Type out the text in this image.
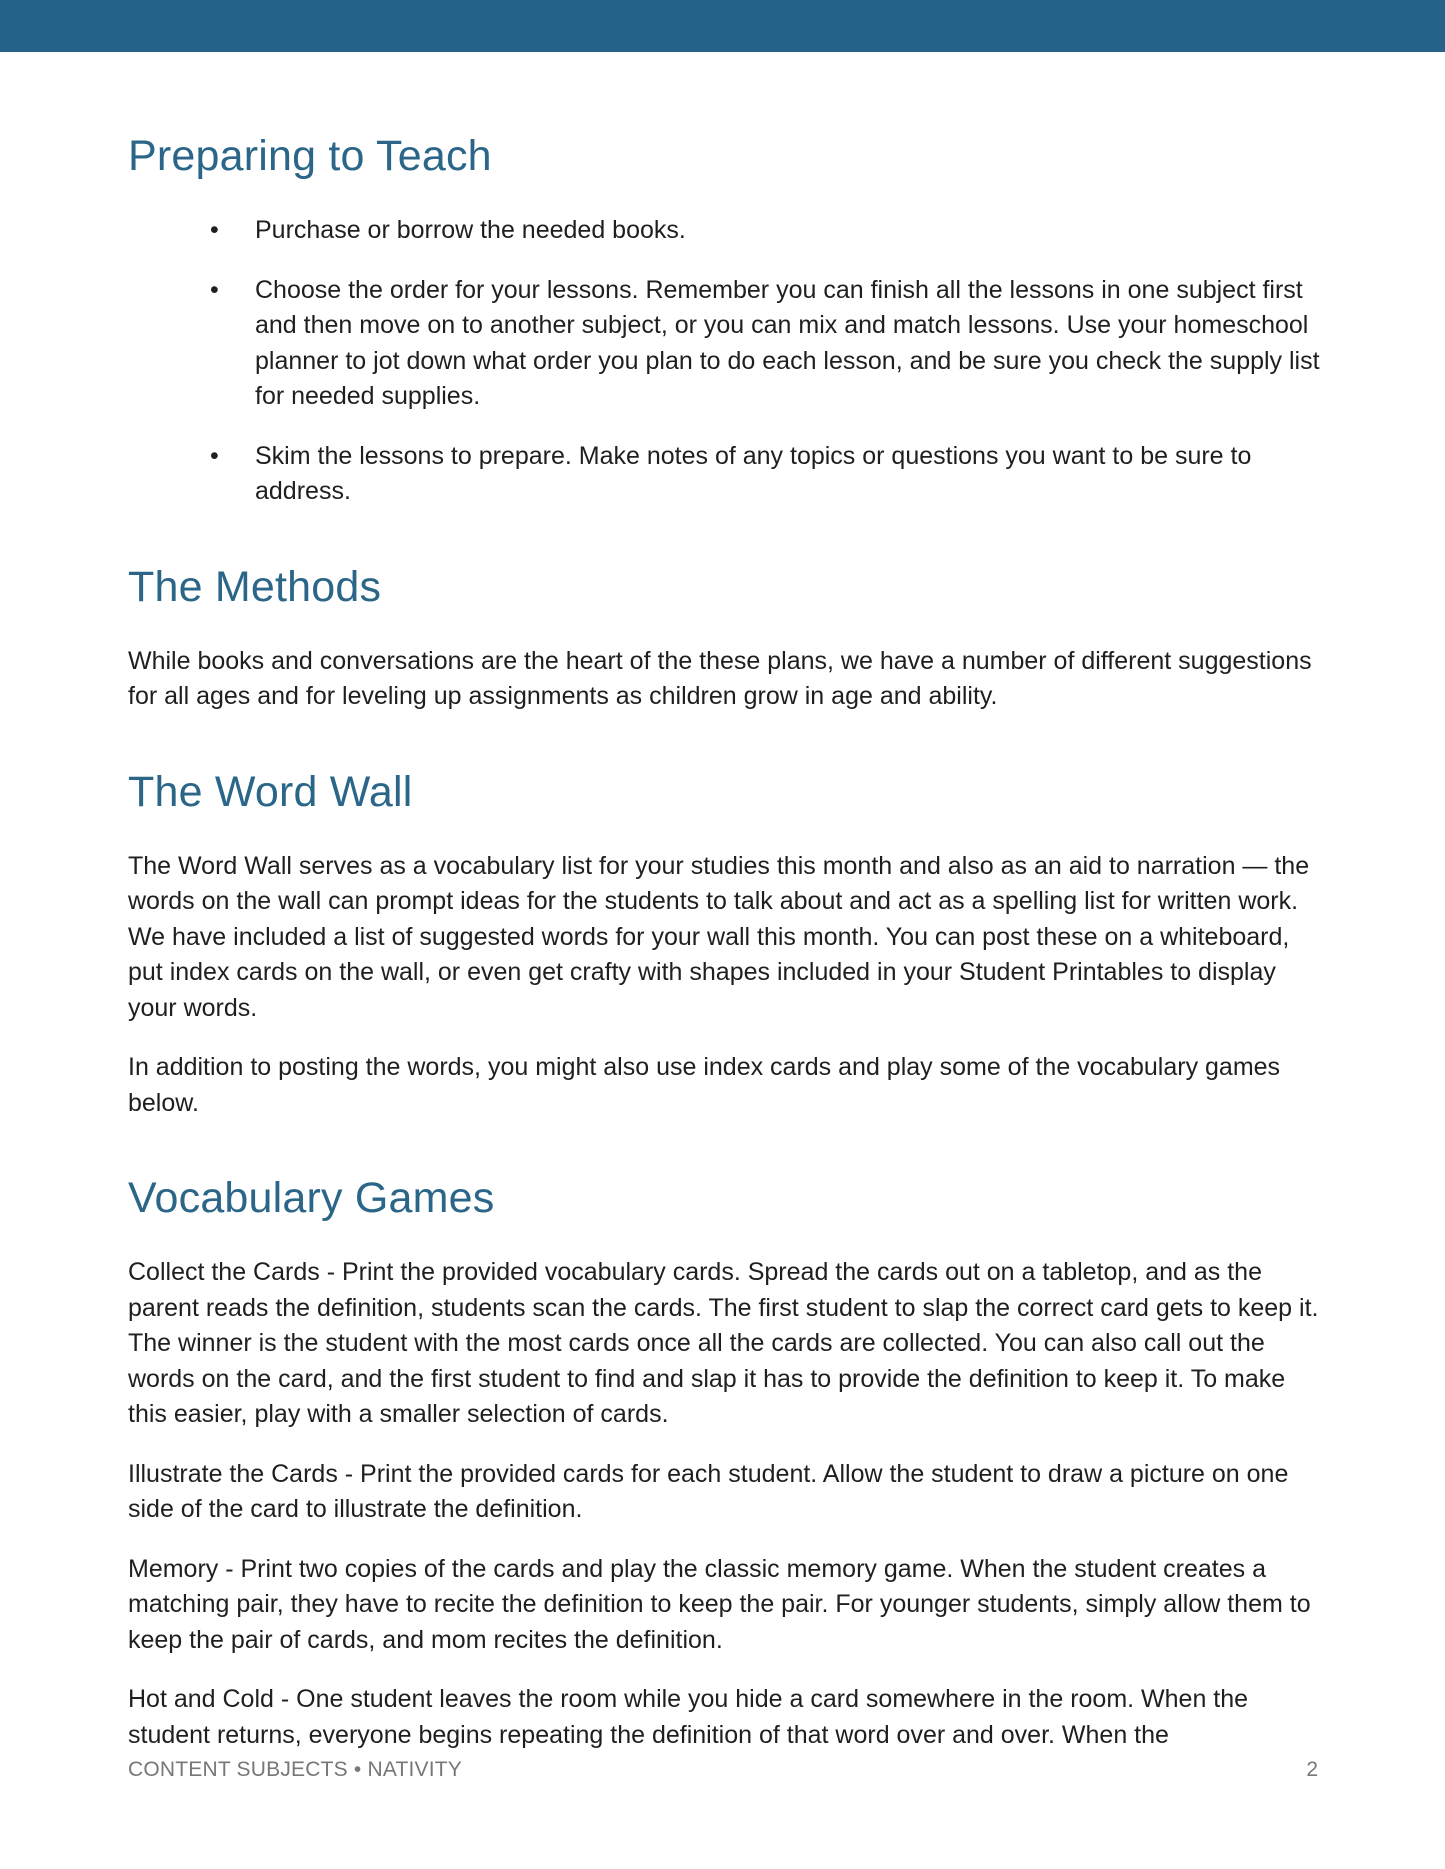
Preparing to Teach
• Purchase or borrow the needed books.
• Choose the order for your lessons. Remember you can finish all the lessons in one subject first and then move on to another subject, or you can mix and match lessons. Use your homeschool planner to jot down what order you plan to do each lesson, and be sure you check the supply list for needed supplies.
• Skim the lessons to prepare. Make notes of any topics or questions you want to be sure to address.
The Methods

While books and conversations are the heart of the these plans, we have a number of different suggestions for all ages and for leveling up assignments as children grow in age and ability.

The Word Wall

The Word Wall serves as a vocabulary list for your studies this month and also as an aid to narration — the words on the wall can prompt ideas for the students to talk about and act as a spelling list for written work. We have included a list of suggested words for your wall this month. You can post these on a whiteboard, put index cards on the wall, or even get crafty with shapes included in your Student Printables to display your words.

In addition to posting the words, you might also use index cards and play some of the vocabulary games below.

Vocabulary Games

Collect the Cards - Print the provided vocabulary cards. Spread the cards out on a tabletop, and as the parent reads the definition, students scan the cards. The first student to slap the correct card gets to keep it. The winner is the student with the most cards once all the cards are collected. You can also call out the words on the card, and the first student to find and slap it has to provide the definition to keep it. To make this easier, play with a smaller selection of cards.

Illustrate the Cards - Print the provided cards for each student. Allow the student to draw a picture on one side of the card to illustrate the definition.

Memory - Print two copies of the cards and play the classic memory game. When the student creates a matching pair, they have to recite the definition to keep the pair. For younger students, simply allow them to keep the pair of cards, and mom recites the definition.

Hot and Cold - One student leaves the room while you hide a card somewhere in the room. When the student returns, everyone begins repeating the definition of that word over and over. When the

CONTENT SUBJECTS • NATIVITY	2
